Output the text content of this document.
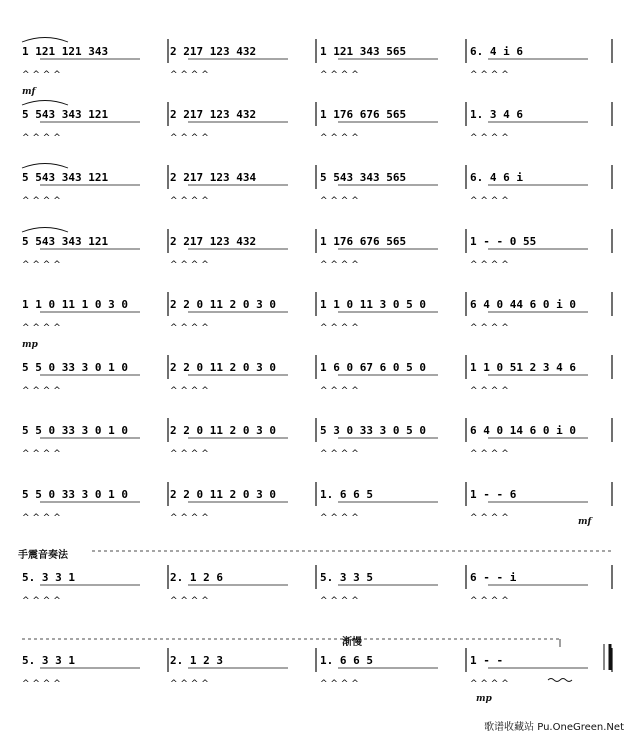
1 121 121 343
^ ^ ^ ^
2 217 123 432
^ ^ ^ ^
1 121 343 565
^ ^ ^ ^
6. 4 i 6
^ ^ ^ ^
5 543 343 121
^ ^ ^ ^
2 217 123 432
^ ^ ^ ^
1 176 676 565
^ ^ ^ ^
1. 3 4 6
^ ^ ^ ^
5 543 343 121
^ ^ ^ ^
2 217 123 434
^ ^ ^ ^
5 543 343 565
^ ^ ^ ^
6. 4 6 i
^ ^ ^ ^
5 543 343 121
^ ^ ^ ^
2 217 123 432
^ ^ ^ ^
1 176 676 565
^ ^ ^ ^
1 - - 0 55
^ ^ ^ ^
1 1 0 11 1 0 3 0
^ ^ ^ ^
2 2 0 11 2 0 3 0
^ ^ ^ ^
1 1 0 11 3 0 5 0
^ ^ ^ ^
6 4 0 44 6 0 i 0
^ ^ ^ ^
5 5 0 33 3 0 1 0
^ ^ ^ ^
2 2 0 11 2 0 3 0
^ ^ ^ ^
1 6 0 67 6 0 5 0
^ ^ ^ ^
1 1 0 51 2 3 4 6
^ ^ ^ ^
5 5 0 33 3 0 1 0
^ ^ ^ ^
2 2 0 11 2 0 3 0
^ ^ ^ ^
5 3 0 33 3 0 5 0
^ ^ ^ ^
6 4 0 14 6 0 i 0
^ ^ ^ ^
5 5 0 33 3 0 1 0
^ ^ ^ ^
2 2 0 11 2 0 3 0
^ ^ ^ ^
1. 6 6 5
^ ^ ^ ^
1 - - 6
^ ^ ^ ^
5. 3 3 1
^ ^ ^ ^
2. 1 2 6
^ ^ ^ ^
5. 3 3 5
^ ^ ^ ^
6 - - i
^ ^ ^ ^
5. 3 3 1
^ ^ ^ ^
2. 1 2 3
^ ^ ^ ^
1. 6 6 5
^ ^ ^ ^
1 - -
^ ^ ^ ^
手震音奏法
渐慢
mf
mp
mf
mp
歌谱收藏站 Pu.OneGreen.Net
